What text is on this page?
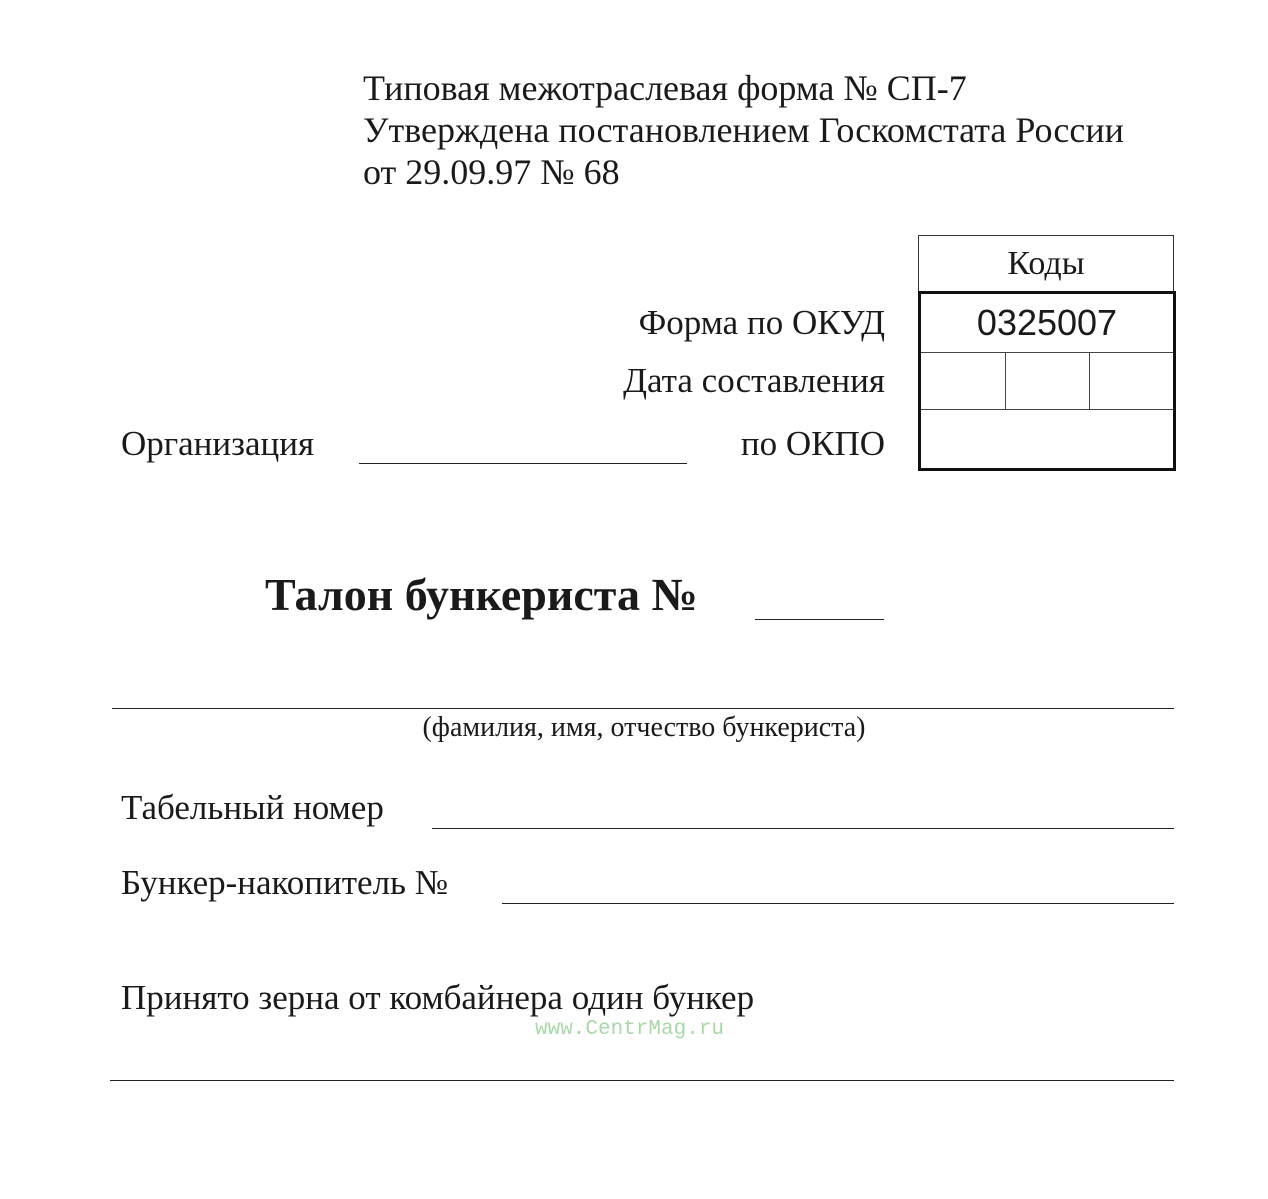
Типовая межотраслевая форма № СП-7
Утверждена постановлением Госкомстата России
от 29.09.97 № 68
Коды
0325007
Форма по ОКУД
Дата составления
по ОКПО
Организация
Талон бункериста №
(фамилия, имя, отчество бункериста)
Табельный номер
Бункер-накопитель №
Принято зерна от комбайнера один бункер
www.CentrMag.ru
